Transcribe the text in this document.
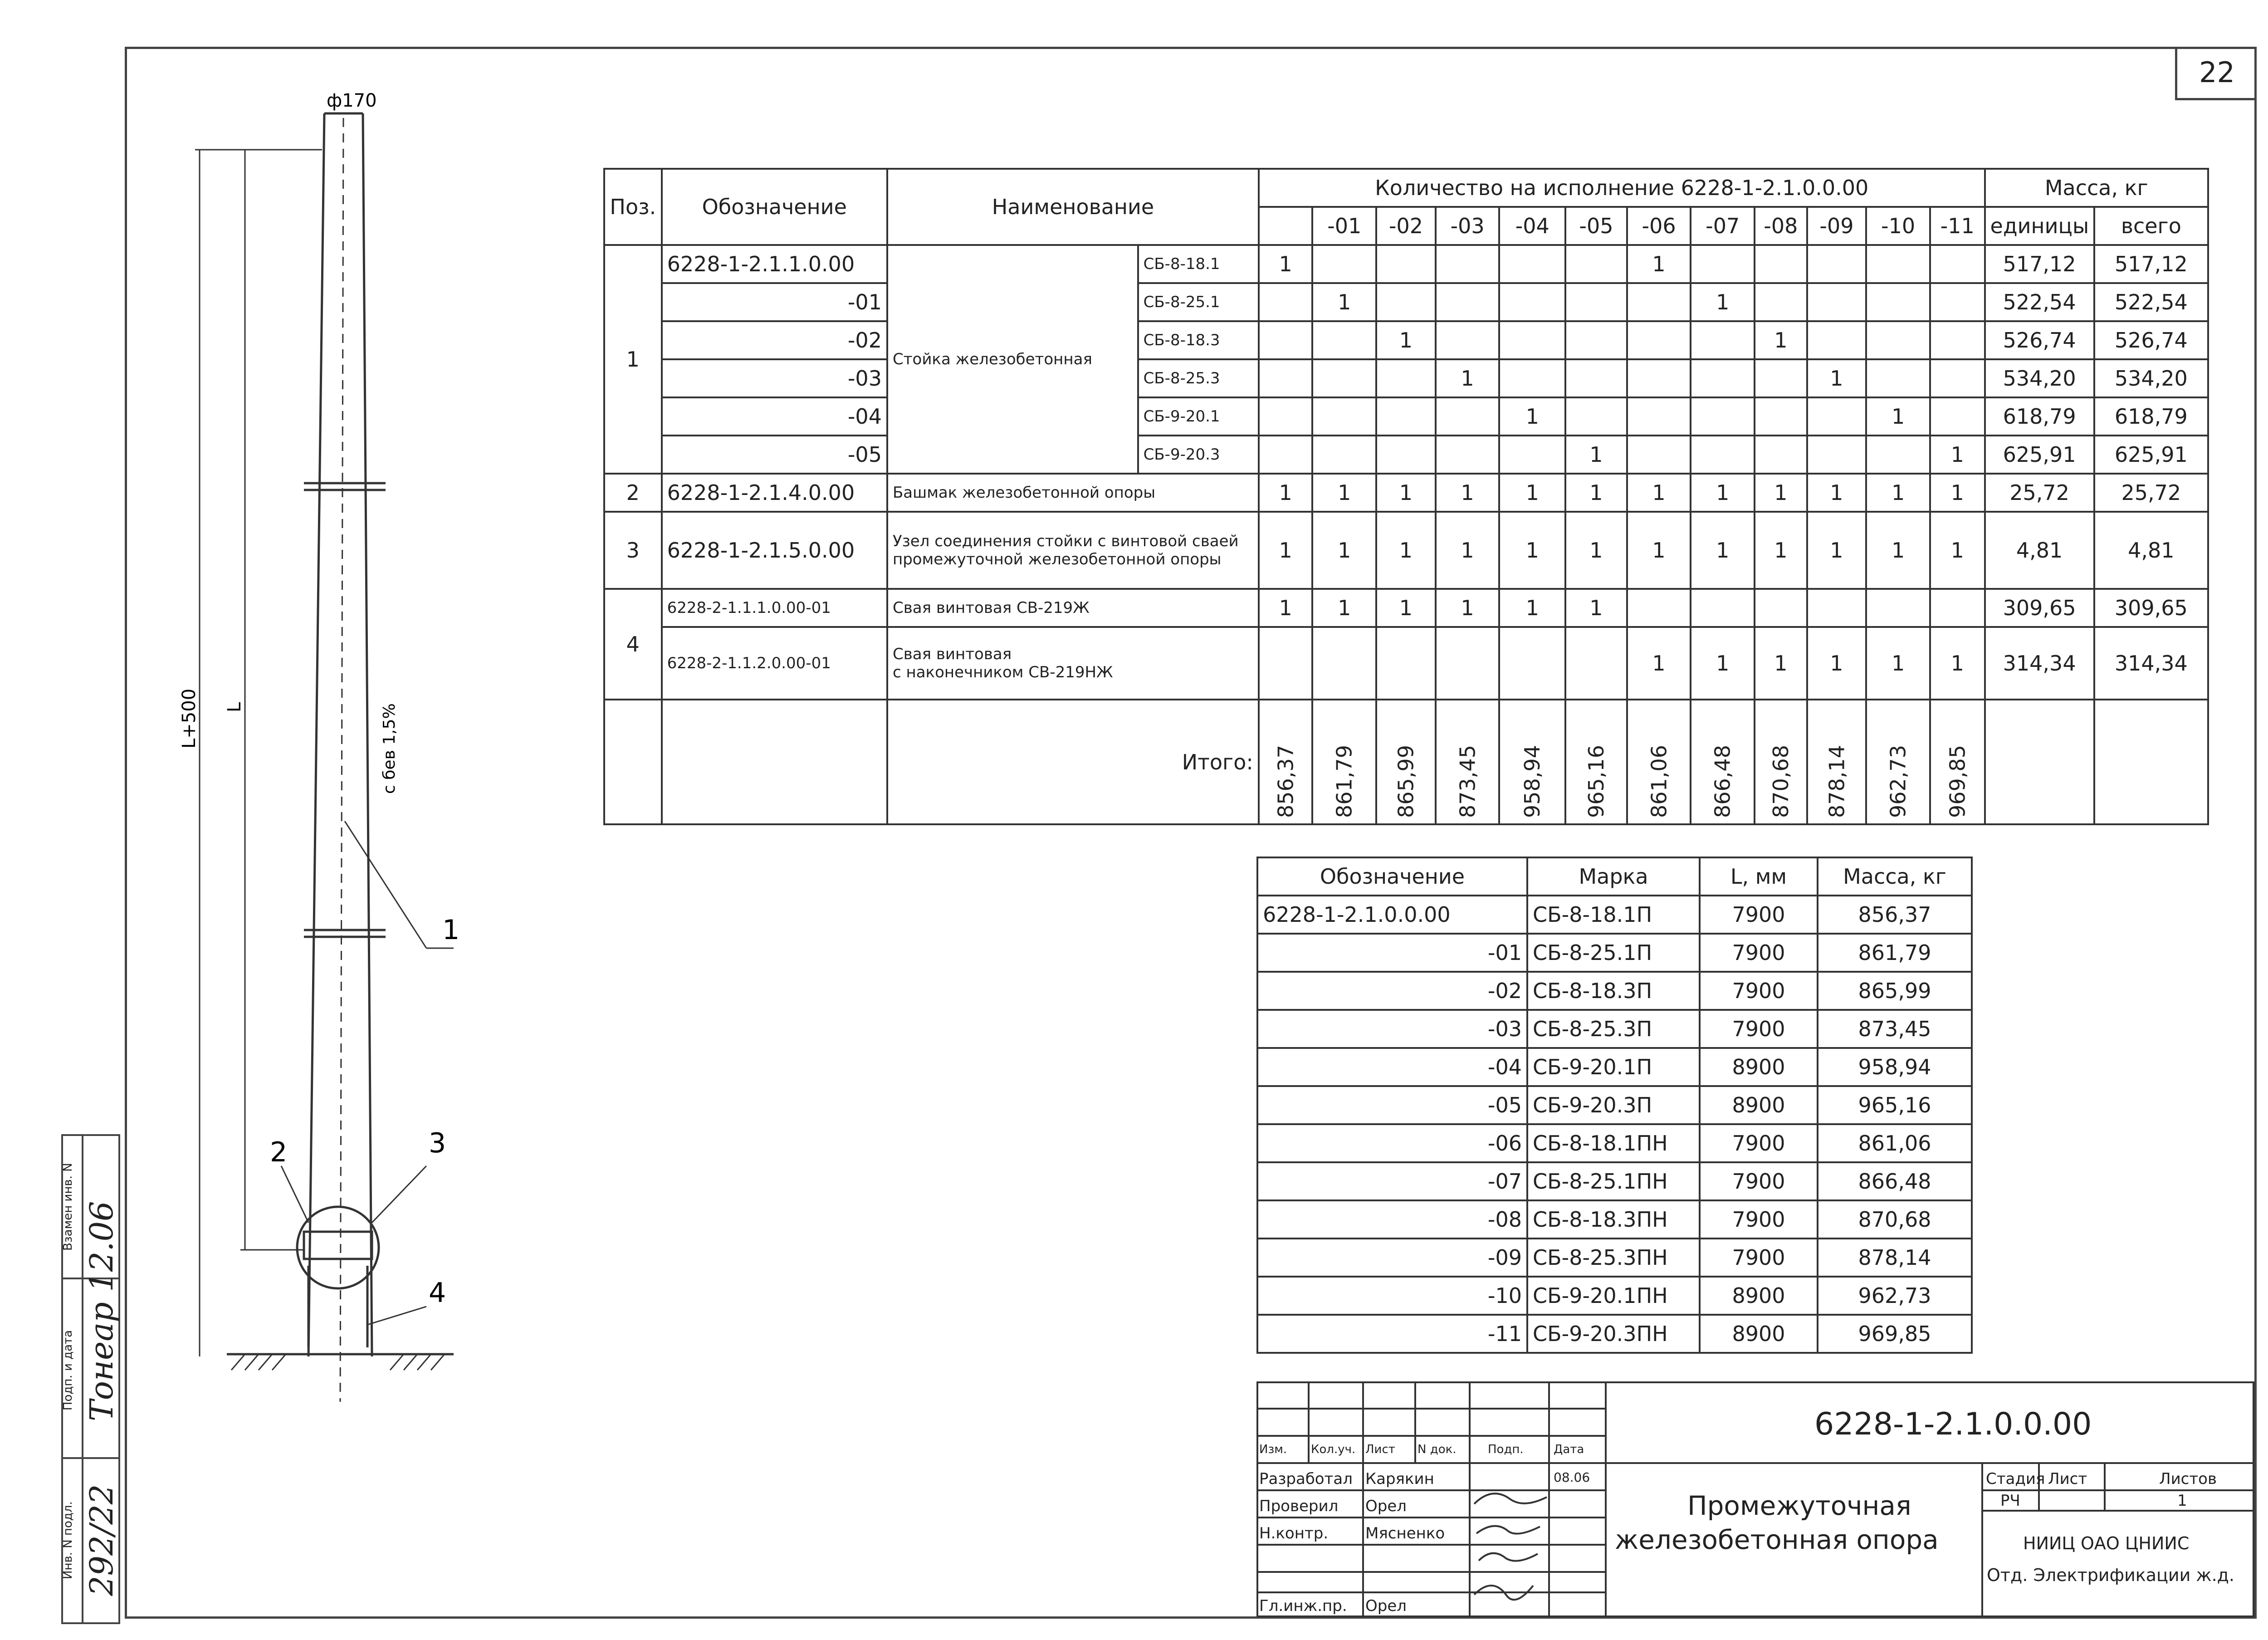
22
ф170
L+500 L	с бев 1,5%
1
2	3
4
Поз.	Обозначение	Наименование		Количество на исполнение 6228-1-2.1.0.0.00												Масса, кг	
					-01	-02	-03	-04	-05	-06	-07	-08	-09	-10	-11	единицы	всего
1	6228-1-2.1.1.0.00	Стойка железобетонная	СБ-8-18.1	1						1						517,12	517,12
	-01		СБ-8-25.1		1						1					522,54	522,54
	-02		СБ-8-18.3			1						1				526,74	526,74
	-03		СБ-8-25.3				1						1			534,20	534,20
	-04		СБ-9-20.1					1						1		618,79	618,79
	-05		СБ-9-20.3						1						1	625,91	625,91
2	6228-1-2.1.4.0.00	Башмак железобетонной опоры		1	1	1	1	1	1	1	1	1	1	1	1	25,72	25,72
3	6228-1-2.1.5.0.00	Узел соединения стойки с винтовой сваей
промежуточной железобетонной опоры		1	1	1	1	1	1	1	1	1	1	1	1	4,81	4,81
4	6228-2-1.1.1.0.00-01	Свая винтовая СВ-219Ж		1	1	1	1	1	1							309,65	309,65
	6228-2-1.1.2.0.00-01	Свая винтовая
с наконечником СВ-219НЖ								1	1	1	1	1	1	314,34	314,34
		Итого:		856,37	861,79	865,99	873,45	958,94	965,16	861,06	866,48	870,68	878,14	962,73	969,85		
Обозначение	Марка	L, мм	Масса, кг
6228-1-2.1.0.0.00	СБ-8-18.1П	7900	856,37
-01	СБ-8-25.1П	7900	861,79
-02	СБ-8-18.3П	7900	865,99
-03	СБ-8-25.3П	7900	873,45
-04	СБ-9-20.1П	8900	958,94
-05	СБ-9-20.3П	8900	965,16
-06	СБ-8-18.1ПН	7900	861,06
-07	СБ-8-25.1ПН	7900	866,48
-08	СБ-8-18.3ПН	7900	870,68
-09	СБ-8-25.3ПН	7900	878,14
-10	СБ-9-20.1ПН	8900	962,73
-11	СБ-9-20.3ПН	8900	969,85
Изм. Кол.уч. Лист N док.	Подп.	Дата
Разработал Карякин	08.06
Проверил Орел
Н.контр. Мясненко
Гл.инж.пр. Орел
6228-1-2.1.0.0.00
Промежуточная
железобетонная опора
Стадия Лист	Листов
РЧ	1
НИИЦ ОАО ЦНИИС
Отд. Электрификации ж.д.
Взамен инв. N
Подп. и дата
Инв. N подл.
Тонеар 12.06
292/22
